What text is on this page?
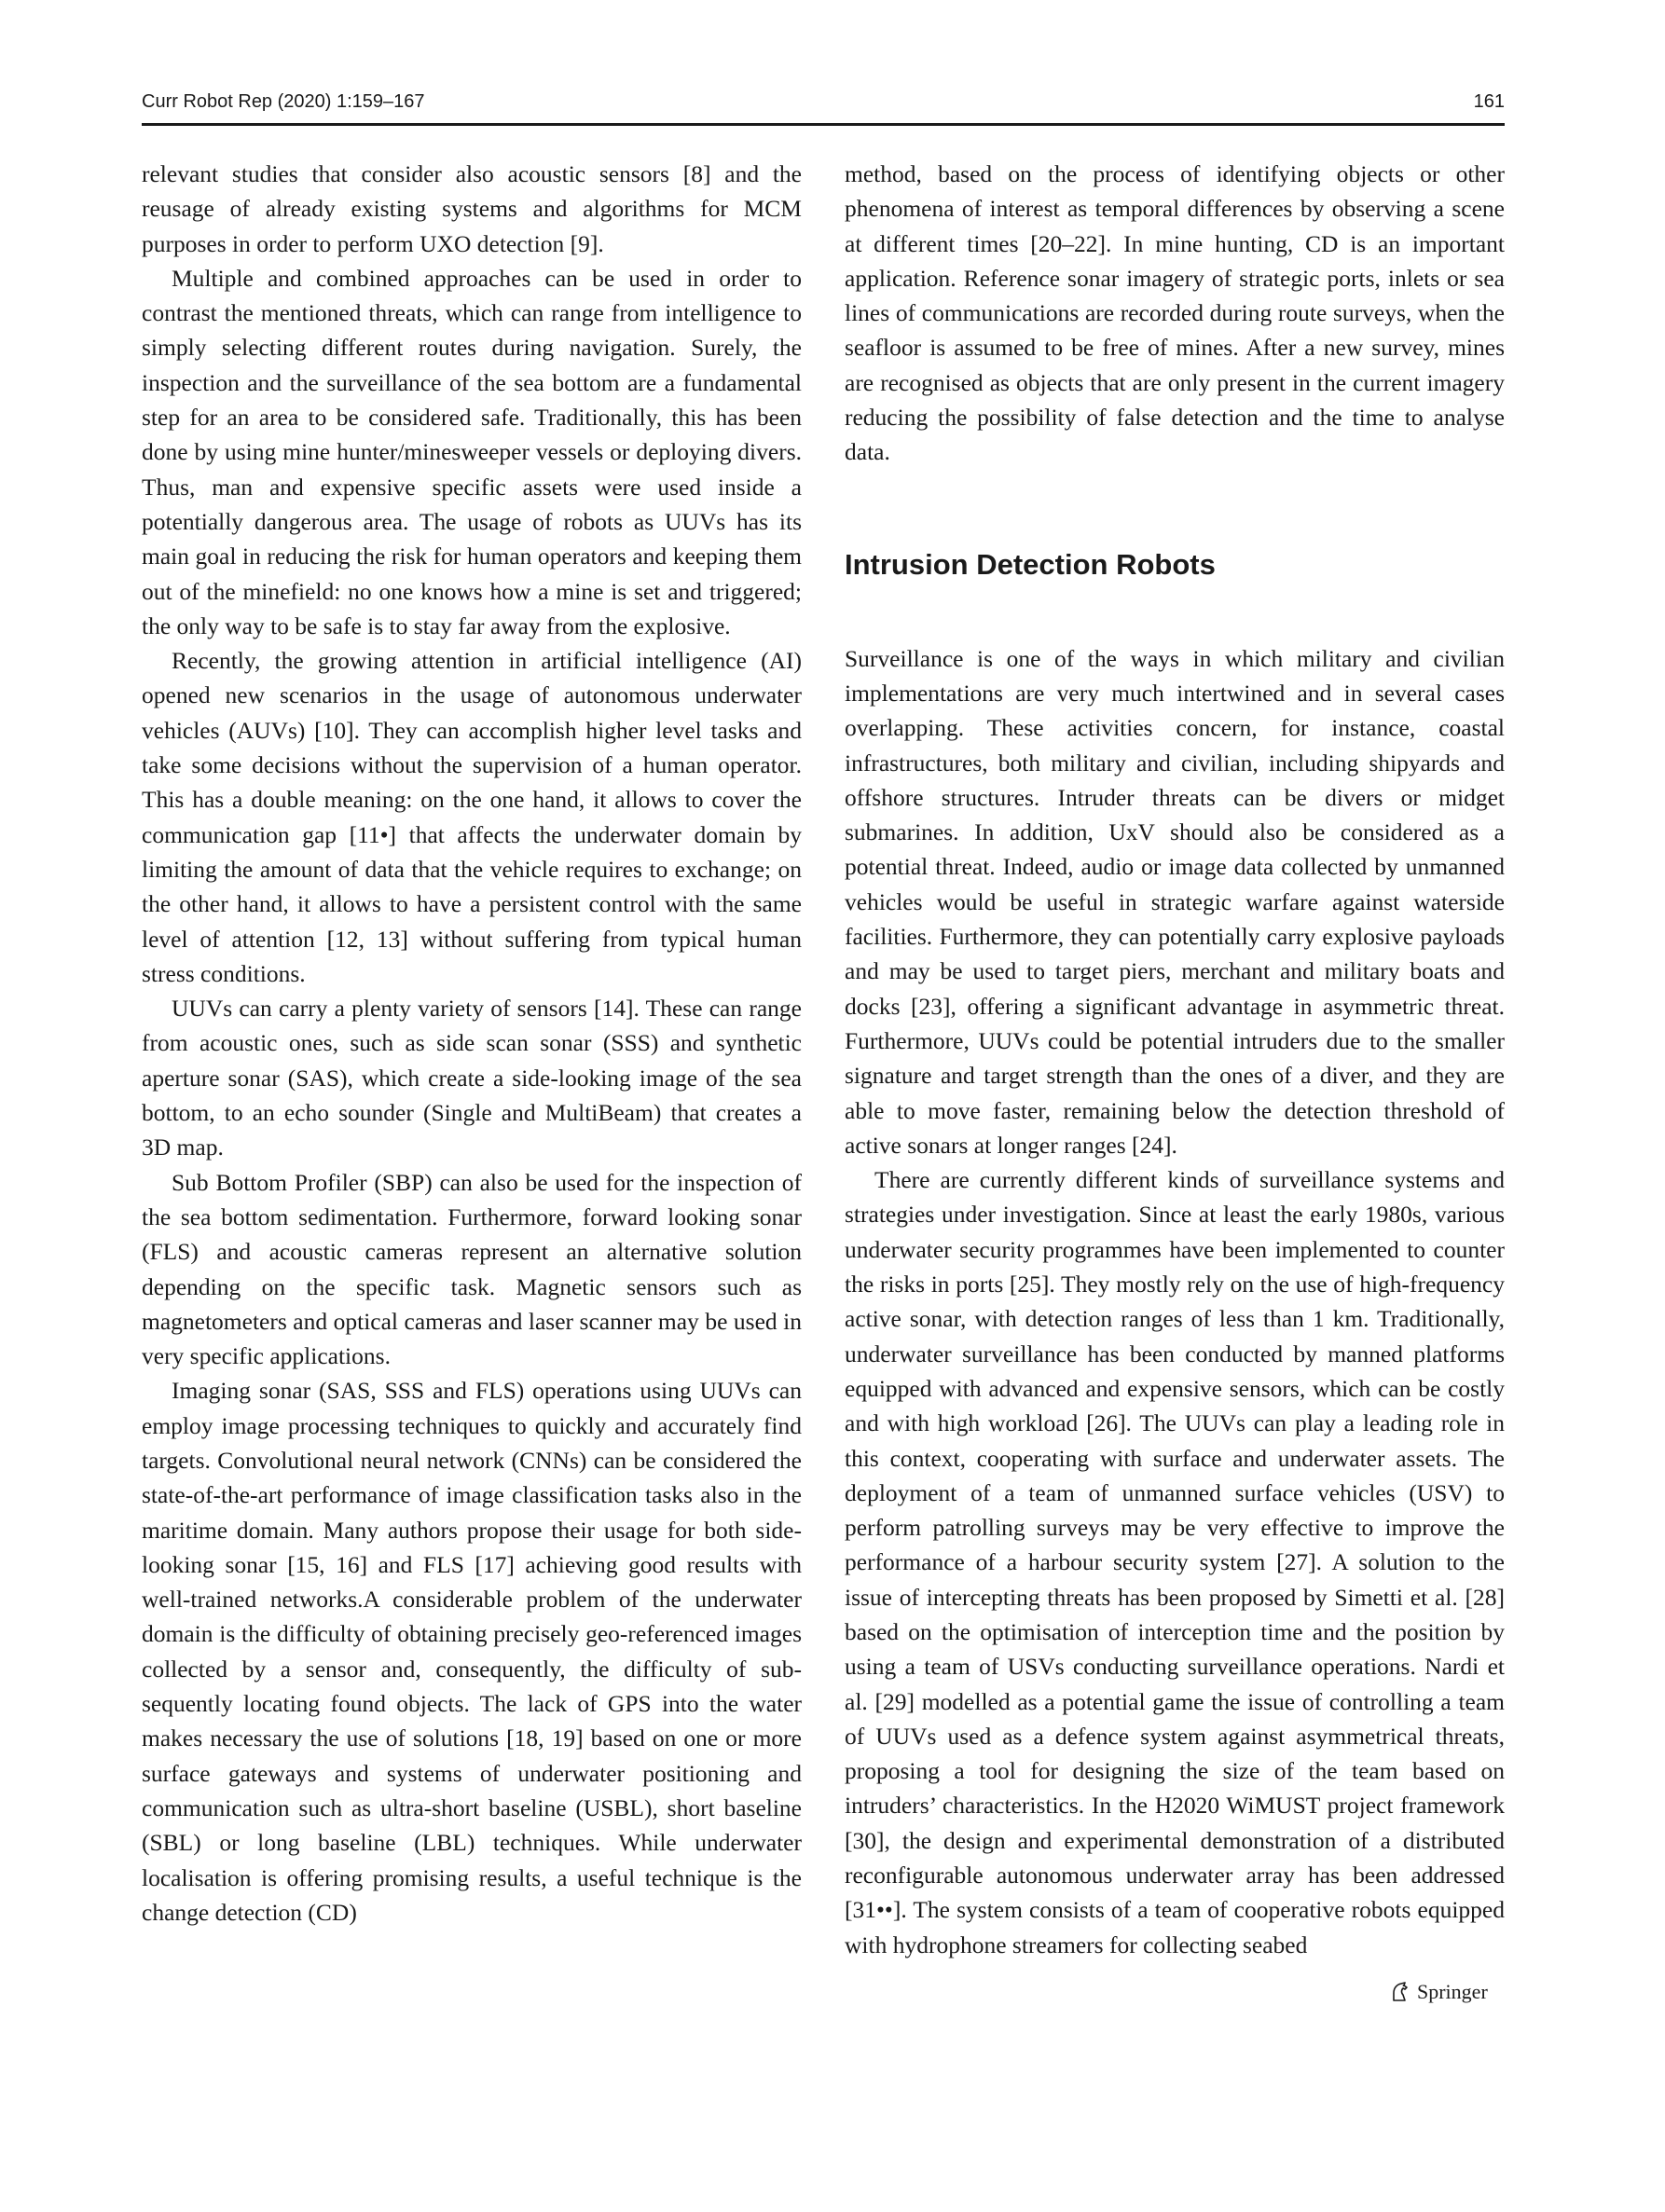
Curr Robot Rep (2020) 1:159–167	161

relevant studies that consider also acoustic sensors [8] and the reusage of already existing systems and algorithms for MCM purposes in order to perform UXO detection [9].

Multiple and combined approaches can be used in order to contrast the mentioned threats, which can range from intelligence to simply selecting different routes during navigation. Surely, the inspection and the surveillance of the sea bottom are a fundamental step for an area to be considered safe. Traditionally, this has been done by using mine hunter/minesweeper vessels or deploying divers. Thus, man and expensive specific assets were used inside a potentially dangerous area. The usage of robots as UUVs has its main goal in reducing the risk for human operators and keeping them out of the minefield: no one knows how a mine is set and triggered; the only way to be safe is to stay far away from the explosive.

Recently, the growing attention in artificial intelligence (AI) opened new scenarios in the usage of autonomous underwater vehicles (AUVs) [10]. They can accomplish higher level tasks and take some decisions without the supervision of a human operator. This has a double meaning: on the one hand, it allows to cover the communication gap [11•] that affects the underwater domain by limiting the amount of data that the vehicle requires to exchange; on the other hand, it allows to have a persistent control with the same level of attention [12, 13] without suffering from typical human stress conditions.

UUVs can carry a plenty variety of sensors [14]. These can range from acoustic ones, such as side scan sonar (SSS) and synthetic aperture sonar (SAS), which create a side-looking image of the sea bottom, to an echo sounder (Single and MultiBeam) that creates a 3D map.

Sub Bottom Profiler (SBP) can also be used for the inspection of the sea bottom sedimentation. Furthermore, forward looking sonar (FLS) and acoustic cameras represent an alternative solution depending on the specific task. Magnetic sensors such as magnetometers and optical cameras and laser scanner may be used in very specific applications.

Imaging sonar (SAS, SSS and FLS) operations using UUVs can employ image processing techniques to quickly and accurately find targets. Convolutional neural network (CNNs) can be considered the state-of-the-art performance of image classification tasks also in the maritime domain. Many authors propose their usage for both side-looking sonar [15, 16] and FLS [17] achieving good results with well-trained networks.A considerable problem of the underwater domain is the difficulty of obtaining precisely geo-referenced images collected by a sensor and, consequently, the difficulty of subsequently locating found objects. The lack of GPS into the water makes necessary the use of solutions [18, 19] based on one or more surface gateways and systems of underwater positioning and communication such as ultra-short baseline (USBL), short baseline (SBL) or long baseline (LBL) techniques. While underwater localisation is offering promising results, a useful technique is the change detection (CD)

method, based on the process of identifying objects or other phenomena of interest as temporal differences by observing a scene at different times [20–22]. In mine hunting, CD is an important application. Reference sonar imagery of strategic ports, inlets or sea lines of communications are recorded during route surveys, when the seafloor is assumed to be free of mines. After a new survey, mines are recognised as objects that are only present in the current imagery reducing the possibility of false detection and the time to analyse data.

Intrusion Detection Robots

Surveillance is one of the ways in which military and civilian implementations are very much intertwined and in several cases overlapping. These activities concern, for instance, coastal infrastructures, both military and civilian, including shipyards and offshore structures. Intruder threats can be divers or midget submarines. In addition, UxV should also be considered as a potential threat. Indeed, audio or image data collected by unmanned vehicles would be useful in strategic warfare against waterside facilities. Furthermore, they can potentially carry explosive payloads and may be used to target piers, merchant and military boats and docks [23], offering a significant advantage in asymmetric threat. Furthermore, UUVs could be potential intruders due to the smaller signature and target strength than the ones of a diver, and they are able to move faster, remaining below the detection threshold of active sonars at longer ranges [24].

There are currently different kinds of surveillance systems and strategies under investigation. Since at least the early 1980s, various underwater security programmes have been implemented to counter the risks in ports [25]. They mostly rely on the use of high-frequency active sonar, with detection ranges of less than 1 km. Traditionally, underwater surveillance has been conducted by manned platforms equipped with advanced and expensive sensors, which can be costly and with high workload [26]. The UUVs can play a leading role in this context, cooperating with surface and underwater assets. The deployment of a team of unmanned surface vehicles (USV) to perform patrolling surveys may be very effective to improve the performance of a harbour security system [27]. A solution to the issue of intercepting threats has been proposed by Simetti et al. [28] based on the optimisation of interception time and the position by using a team of USVs conducting surveillance operations. Nardi et al. [29] modelled as a potential game the issue of controlling a team of UUVs used as a defence system against asymmetrical threats, proposing a tool for designing the size of the team based on intruders’ characteristics. In the H2020 WiMUST project framework [30], the design and experimental demonstration of a distributed reconfigurable autonomous underwater array has been addressed [31••]. The system consists of a team of cooperative robots equipped with hydrophone streamers for collecting seabed

Springer
